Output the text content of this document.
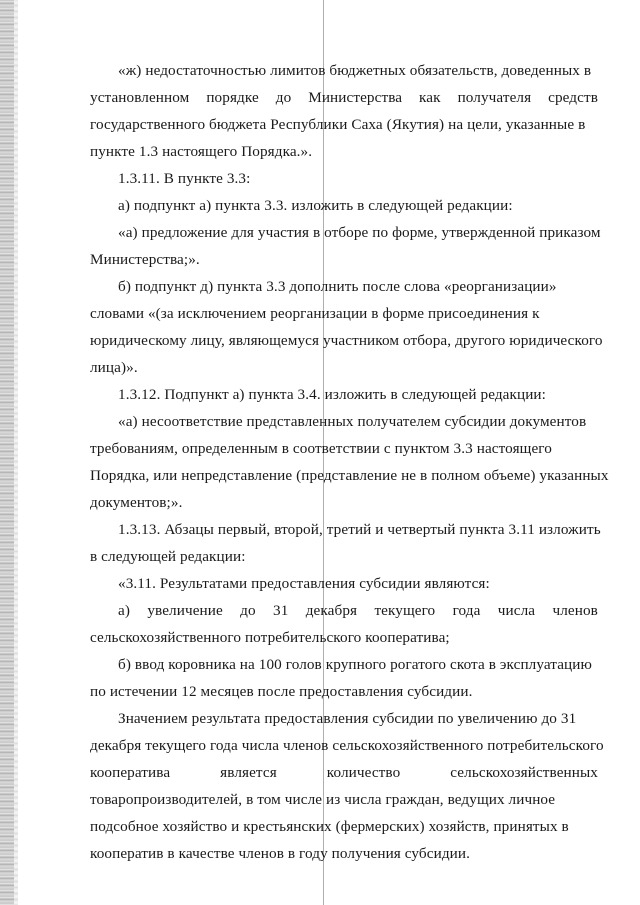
«ж) недостаточностью лимитов бюджетных обязательств, доведенных в
установленном порядке до Министерства как получателя средств
государственного бюджета Республики Саха (Якутия) на цели, указанные в
пункте 1.3 настоящего Порядка.».
1.3.11. В пункте 3.3:
а) подпункт а) пункта 3.3. изложить в следующей редакции:
«а) предложение для участия в отборе по форме, утвержденной приказом
Министерства;».
б) подпункт д) пункта 3.3 дополнить после слова «реорганизации»
словами «(за исключением реорганизации в форме присоединения к
юридическому лицу, являющемуся участником отбора, другого юридического
лица)».
1.3.12. Подпункт а) пункта 3.4. изложить в следующей редакции:
«а) несоответствие представленных получателем субсидии документов
требованиям, определенным в соответствии с пунктом 3.3 настоящего
Порядка, или непредставление (представление не в полном объеме) указанных
документов;».
1.3.13. Абзацы первый, второй, третий и четвертый пункта 3.11 изложить
в следующей редакции:
«3.11. Результатами предоставления субсидии являются:
а) увеличение до 31 декабря текущего года числа членов
сельскохозяйственного потребительского кооператива;
б) ввод коровника на 100 голов крупного рогатого скота в эксплуатацию
по истечении 12 месяцев после предоставления субсидии.
Значением результата предоставления субсидии по увеличению до 31
декабря текущего года числа членов сельскохозяйственного потребительского
кооператива	является	количество	сельскохозяйственных
товаропроизводителей, в том числе из числа граждан, ведущих личное
подсобное хозяйство и крестьянских (фермерских) хозяйств, принятых в
кооператив в качестве членов в году получения субсидии.
